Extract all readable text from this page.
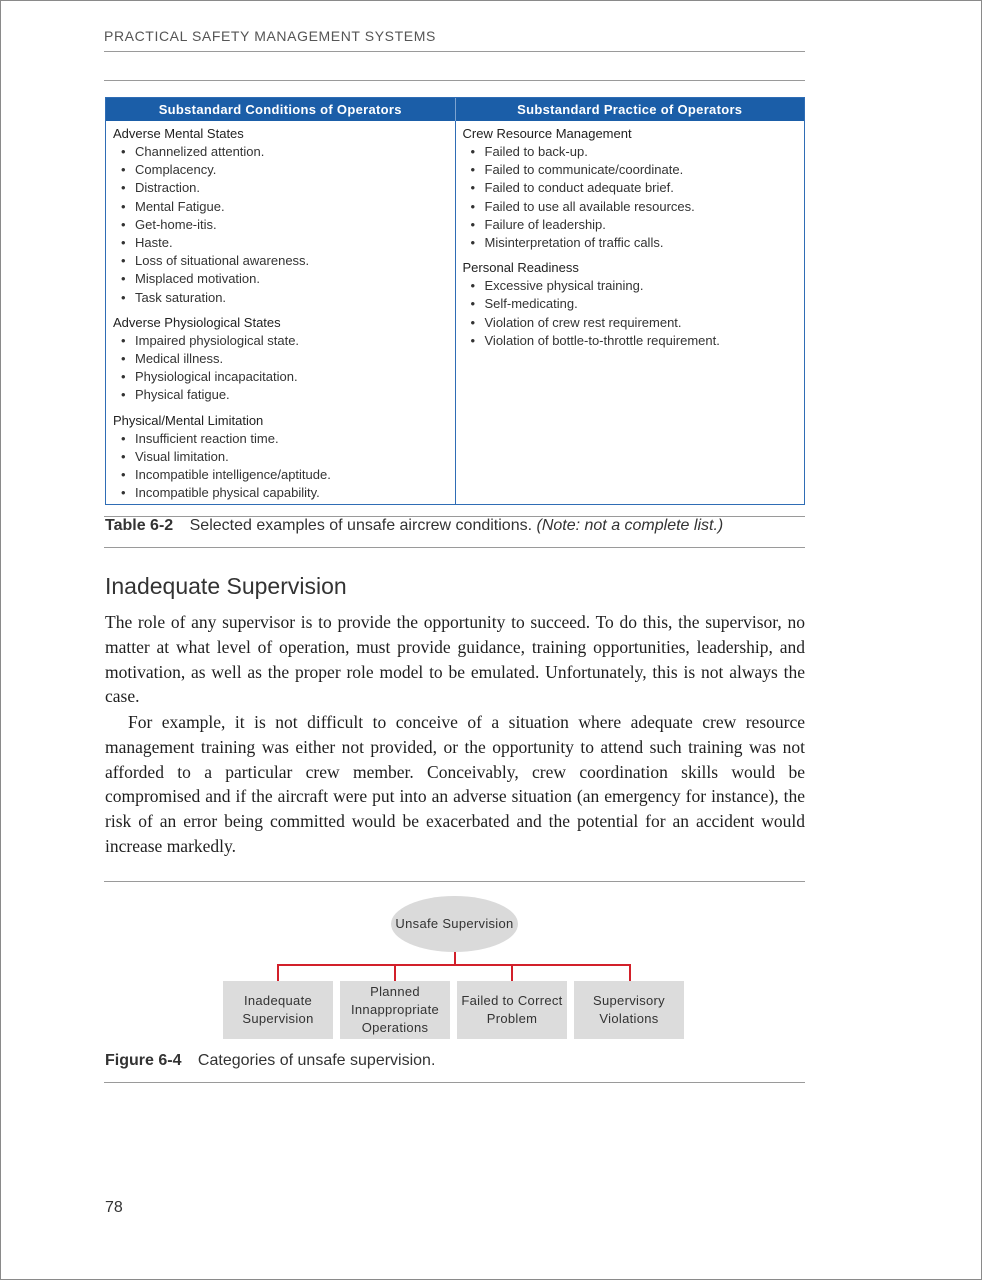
PRACTICAL SAFETY MANAGEMENT SYSTEMS
Substandard Conditions of Operators	Substandard Practice of Operators
Adverse Mental States
• Channelized attention.
• Complacency.
• Distraction.
• Mental Fatigue.
• Get-home-itis.
• Haste.
• Loss of situational awareness.
• Misplaced motivation.
• Task saturation.
Adverse Physiological States
• Impaired physiological state.
• Medical illness.
• Physiological incapacitation.
• Physical fatigue.
Physical/Mental Limitation
• Insufficient reaction time.
• Visual limitation.
• Incompatible intelligence/aptitude.
• Incompatible physical capability.
Crew Resource Management
• Failed to back-up.
• Failed to communicate/coordinate.
• Failed to conduct adequate brief.
• Failed to use all available resources.
• Failure of leadership.
• Misinterpretation of traffic calls.
Personal Readiness
• Excessive physical training.
• Self-medicating.
• Violation of crew rest requirement.
• Violation of bottle-to-throttle requirement.
Table 6-2 Selected examples of unsafe aircrew conditions. (Note: not a complete list.)
Inadequate Supervision

The role of any supervisor is to provide the opportunity to succeed. To do this, the supervisor, no matter at what level of operation, must provide guidance, training opportunities, leadership, and motivation, as well as the proper role model to be emulated. Unfortunately, this is not always the case.

For example, it is not difficult to conceive of a situation where adequate crew resource management training was either not provided, or the opportunity to attend such training was not afforded to a particular crew member. Conceivably, crew coordination skills would be compromised and if the aircraft were put into an adverse situation (an emergency for instance), the risk of an error being committed would be exacerbated and the potential for an accident would increase markedly.

Unsafe Supervision
Inadequate Supervision
Planned Innappropriate Operations
Failed to Correct Problem
Supervisory Violations
Figure 6-4 Categories of unsafe supervision.
78
